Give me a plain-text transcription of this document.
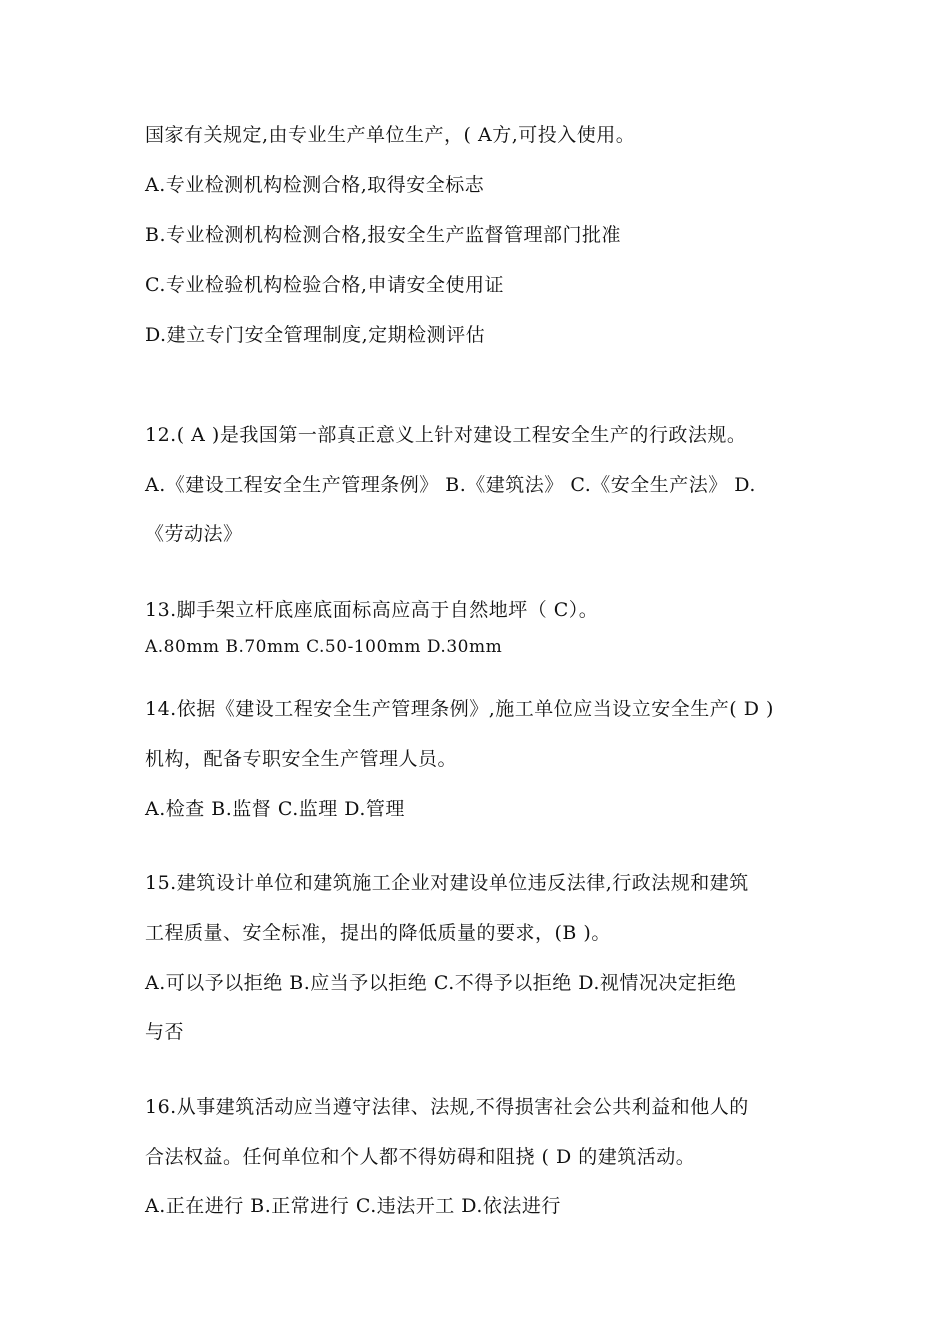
国家有关规定,由专业生产单位生产，( A方,可投入使用。
A.专业检测机构检测合格,取得安全标志
B.专业检测机构检测合格,报安全生产监督管理部门批准
C.专业检验机构检验合格,申请安全使用证
D.建立专门安全管理制度,定期检测评估
12.( A )是我国第一部真正意义上针对建设工程安全生产的行政法规。
A.《建设工程安全生产管理条例》 B.《建筑法》 C.《安全生产法》 D.
《劳动法》
13.脚手架立杆底座底面标高应高于自然地坪（ C）。
A.80mm B.70mm C.50-100mm D.30mm
14.依据《建设工程安全生产管理条例》,施工单位应当设立安全生产( D )
机构，配备专职安全生产管理人员。
A.检查 B.监督 C.监理 D.管理
15.建筑设计单位和建筑施工企业对建设单位违反法律,行政法规和建筑
工程质量、安全标准，提出的降低质量的要求，(B )。
A.可以予以拒绝 B.应当予以拒绝 C.不得予以拒绝 D.视情况决定拒绝
与否
16.从事建筑活动应当遵守法律、法规,不得损害社会公共利益和他人的
合法权益。任何单位和个人都不得妨碍和阻挠 ( D 的建筑活动。
A.正在进行 B.正常进行 C.违法开工 D.依法进行
